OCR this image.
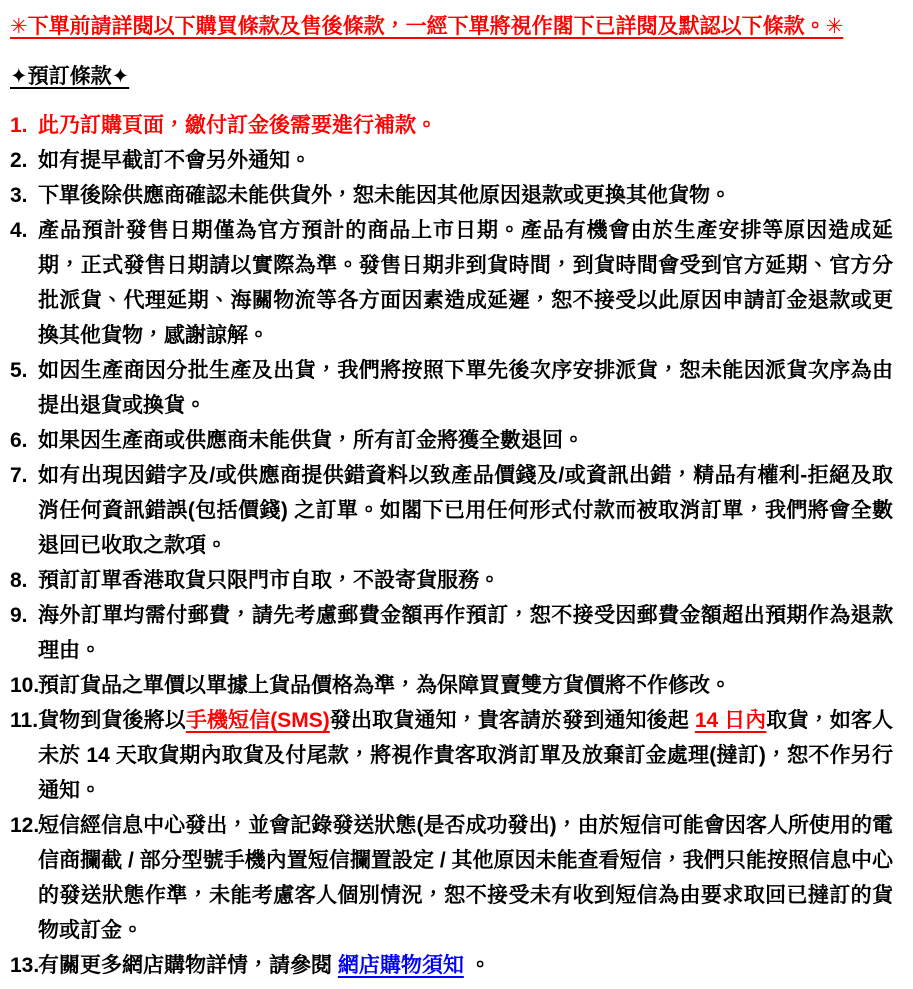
✳下單前請詳閱以下購買條款及售後條款，一經下單將視作閣下已詳閱及默認以下條款。✳
✦預訂條款✦
1. 此乃訂購頁面，繳付訂金後需要進行補款。
2. 如有提早截訂不會另外通知。
3. 下單後除供應商確認未能供貨外，恕未能因其他原因退款或更換其他貨物。
4. 產品預計發售日期僅為官方預計的商品上市日期。產品有機會由於生產安排等原因造成延期，正式發售日期請以實際為準。發售日期非到貨時間，到貨時間會受到官方延期、官方分批派貨、代理延期、海關物流等各方面因素造成延遲，恕不接受以此原因申請訂金退款或更換其他貨物，感謝諒解。
5. 如因生產商因分批生產及出貨，我們將按照下單先後次序安排派貨，恕未能因派貨次序為由提出退貨或換貨。
6. 如果因生產商或供應商未能供貨，所有訂金將獲全數退回。
7. 如有出現因錯字及/或供應商提供錯資料以致產品價錢及/或資訊出錯，精品有權利-拒絕及取消任何資訊錯誤(包括價錢) 之訂單。如閣下已用任何形式付款而被取消訂單，我們將會全數退回已收取之款項。
8. 預訂訂單香港取貨只限門市自取，不設寄貨服務。
9. 海外訂單均需付郵費，請先考慮郵費金額再作預訂，恕不接受因郵費金額超出預期作為退款理由。
10.
預訂貨品之單價以單據上貨品價格為準，為保障買賣雙方貨價將不作修改。
11. 貨物到貨後將以手機短信(SMS)發出取貨通知，貴客請於發到通知後起 14 日內取貨，如客人未於 14 天取貨期內取貨及付尾款，將視作貴客取消訂單及放棄訂金處理(撻訂)，恕不作另行通知。
12.
短信經信息中心發出，並會記錄發送狀態(是否成功發出)，由於短信可能會因客人所使用的電信商攔截 / 部分型號手機內置短信攔置設定 / 其他原因未能查看短信，我們只能按照信息中心的發送狀態作準，未能考慮客人個別情況，恕不接受未有收到短信為由要求取回已撻訂的貨物或訂金。
13.
有關更多網店購物詳情，請參閱 網店購物須知 。
